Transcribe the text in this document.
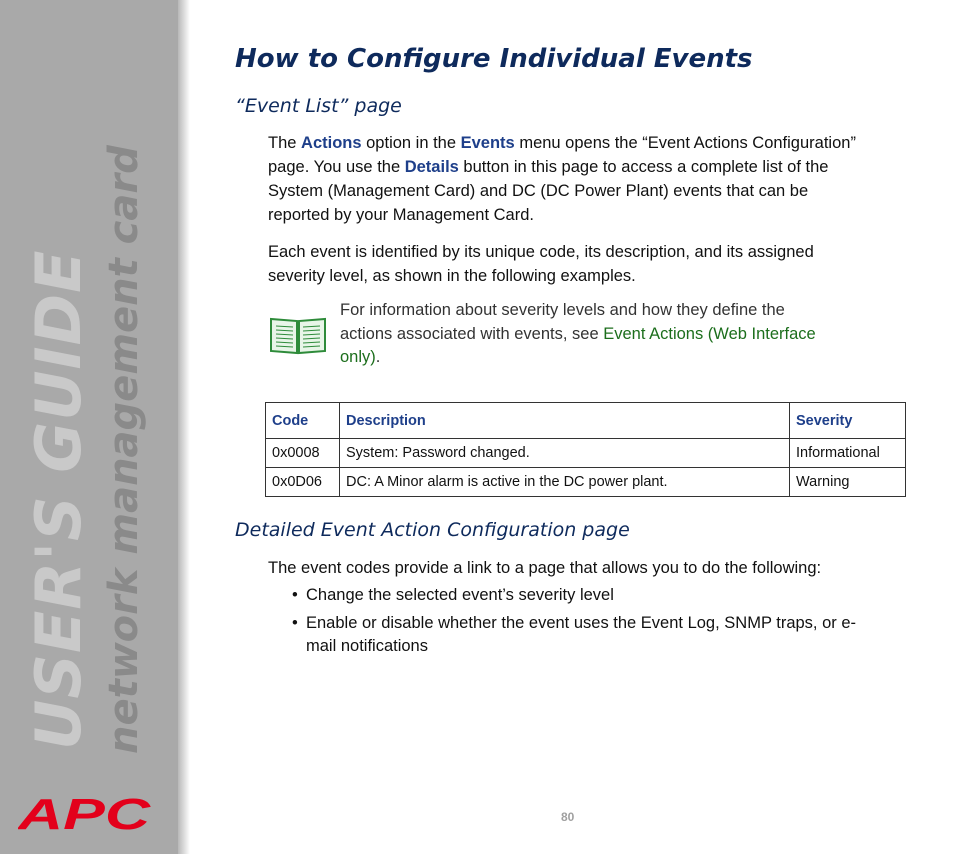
USER'S GUIDE network management card
APC
How to Configure Individual Events
“Event List” page

The Actions option in the Events menu opens the “Event Actions Configuration” page. You use the Details button in this page to access a complete list of the System (Management Card) and DC (DC Power Plant) events that can be reported by your Management Card.

Each event is identified by its unique code, its description, and its assigned severity level, as shown in the following examples.

For information about severity levels and how they define the actions associated with events, see Event Actions (Web Interface only).
Code	Description	Severity
0x0008	System: Password changed.	Informational
0x0D06	DC: A Minor alarm is active in the DC power plant.	Warning
Detailed Event Action Configuration page

The event codes provide a link to a page that allows you to do the following:

• Change the selected event’s severity level
• Enable or disable whether the event uses the Event Log, SNMP traps, or e-mail notifications
80
